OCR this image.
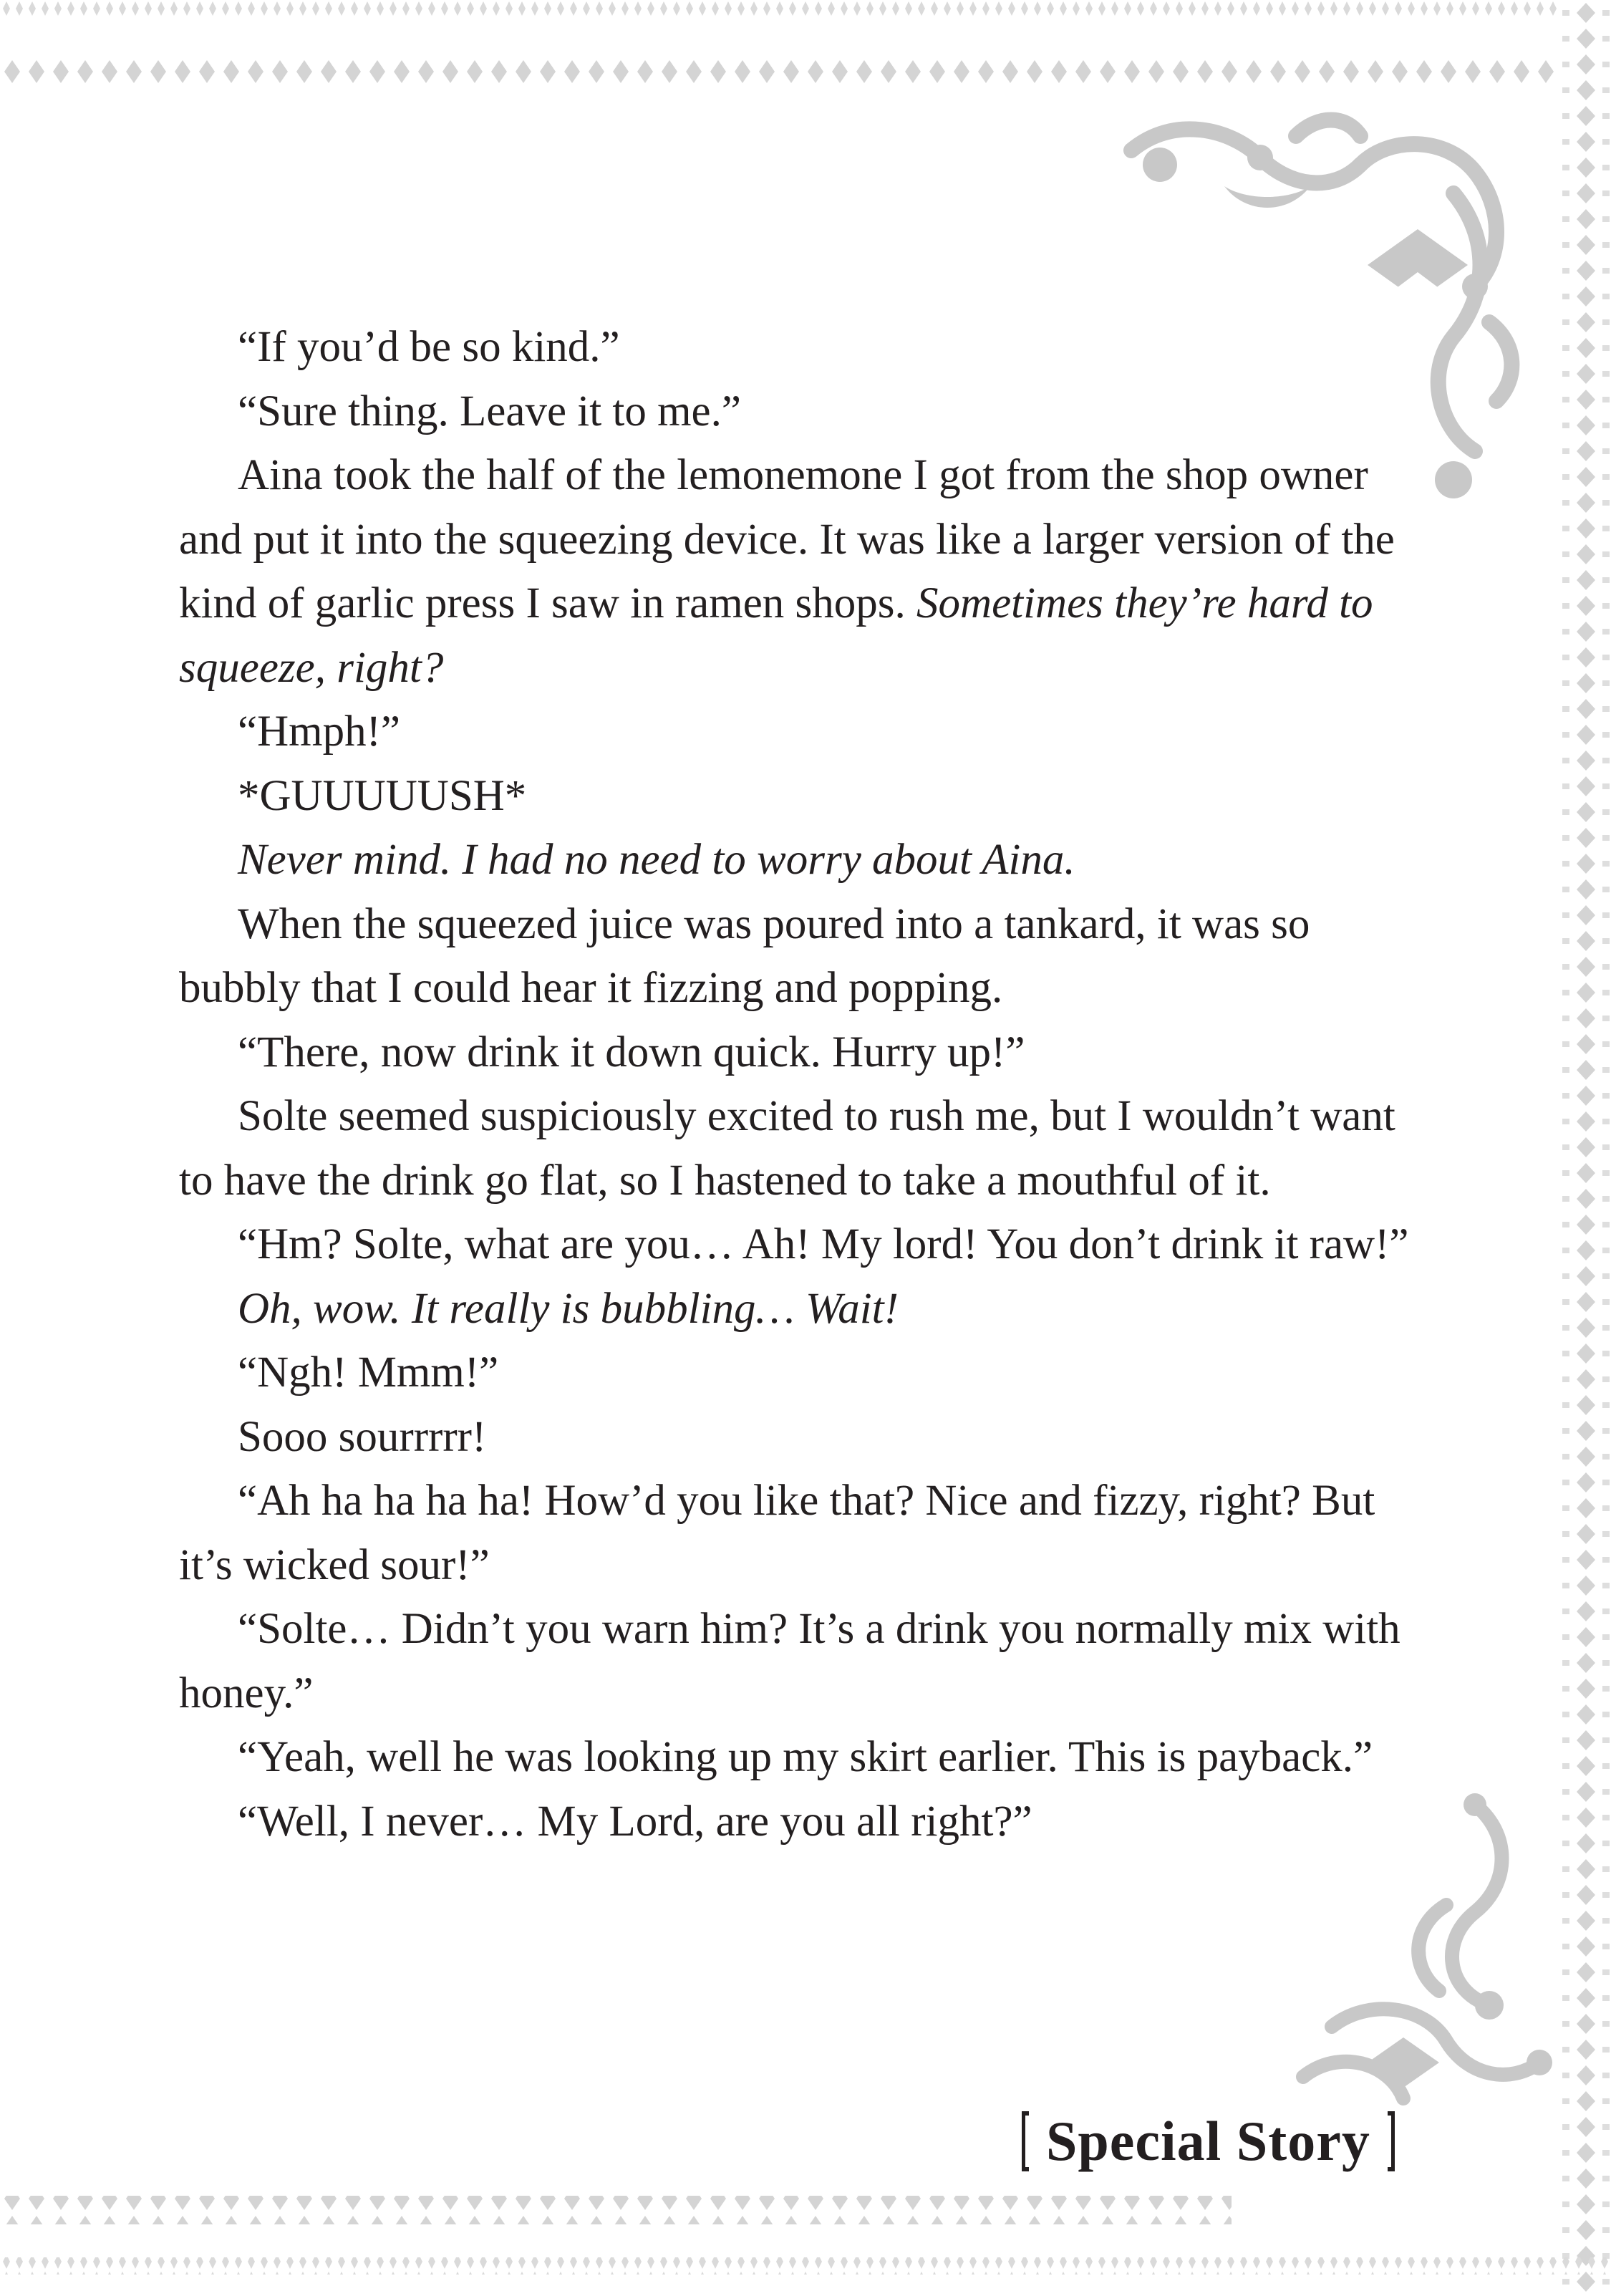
“If you’d be so kind.”

“Sure thing. Leave it to me.”

Aina took the half of the lemonemone I got from the shop owner and put it into the squeezing device. It was like a larger version of the kind of garlic press I saw in ramen shops. Sometimes they’re hard to squeeze, right?

“Hmph!”

*GUUUUUSH*

Never mind. I had no need to worry about Aina.

When the squeezed juice was poured into a tankard, it was so bubbly that I could hear it fizzing and popping.

“There, now drink it down quick. Hurry up!”

Solte seemed suspiciously excited to rush me, but I wouldn’t want to have the drink go flat, so I hastened to take a mouthful of it.

“Hm? Solte, what are you… Ah! My lord! You don’t drink it raw!”

Oh, wow. It really is bubbling… Wait!

“Ngh! Mmm!”

Sooo sourrrrr!

“Ah ha ha ha ha! How’d you like that? Nice and fizzy, right? But it’s wicked sour!”

“Solte… Didn’t you warn him? It’s a drink you normally mix with honey.”

“Yeah, well he was looking up my skirt earlier. This is payback.”

“Well, I never… My Lord, are you all right?”

Special Story
